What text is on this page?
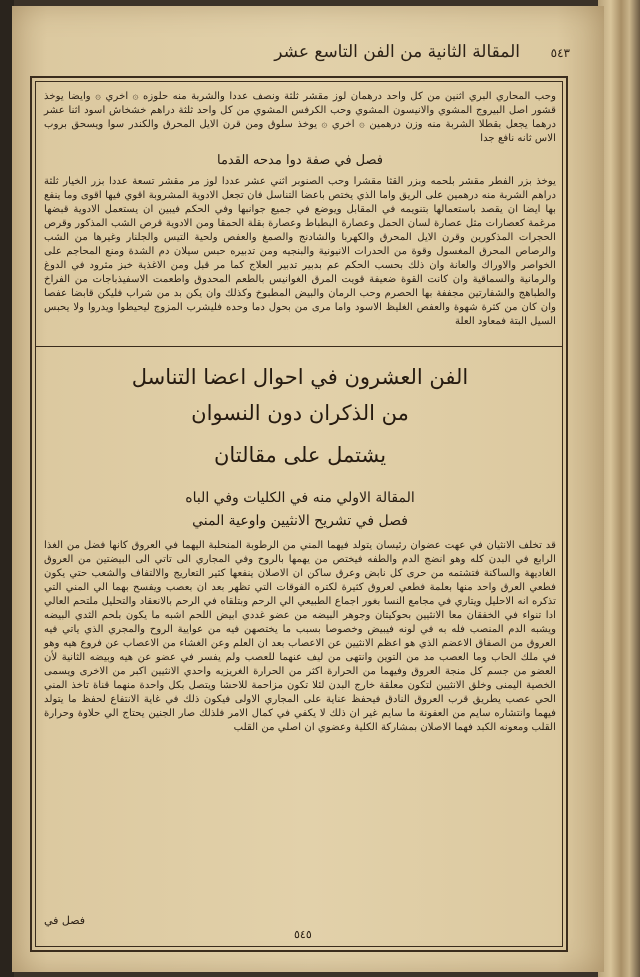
٥٤٣
المقالة الثانية من الفن التاسع عشر
وحب المحاري البري اثنين من كل واحد درهمان لوز مقشر ثلثة ونصف عددا والشربة منه حلوزه ۞ اخري ۞ وايضا يوخذ قشور اصل البيروج المشوي والانيسون المشوي وحب الكرفس المشوي من كل واحد ثلثة دراهم خشخاش اسود اثنا عشر درهما يجعل بقطلا الشربة منه وزن درهمين ۞ اخري ۞ يوخذ سلوق ومن قرن الايل المحرق والكندر سوا ويسحق بروب الاس ثانه نافع جدا
فصل في صفة دوا مدحه القدما
يوخذ بزر الفطر مقشر بلحمه وبزر القثا مقشرا وحب الصنوبر اثني عشر عددا لوز مر مقشر تسعة عددا بزر الخيار ثلثة دراهم الشربة منه درهمين على الريق واما الذي يختص باعضا التناسل فان تجعل الادوية المشروبة اقوي فيها اقوى وما ينفع بها ايضا ان يقصد باستعمالها بتنويمه في المقابل ويوضع في جميع جوانبها وفي الحكم فيبين ان يستعمل الادوية قبضها مرغمة كعصارات مثل عصارة لسان الحمل وعصارة البطباط وعصارة بقلة الحمقا ومن الادوية قرص الشب المذكور وقرص الحجرات المذكورين وقرن الايل المحرق والكهربا والشادنج والصمغ والعفص ولحية التيس والجلنار وغيرها من الشب والرصاص المحرق المغسول وقوة من الحدرات الانيونية والبنجيه ومن تدبيره حبس سيلان دم الشدة ومنع المحاجم على الخواصر والاوراك والعانة وان ذلك بحسب الحكم عم بدبير تدبير العلاج كما مر قبل ومن الاغذية خبز مثرود في الدوغ والرمانية والسماقية وان كانت القوة ضعيفة قويت المرق الغوانيس بالطعم المحدوق واطعمت الاسفيذباجات من الفراخ والطباهج والشفارتين مجففة بها الحصرم وحب الرمان والبيض المطبوخ وكذلك وان يكن بد من شراب فليكن قابضا عفصا وان كان من كثرة شهوة والعفص الغليظ الاسود واما مرى من بحول دما وحده فليشرب المزوج ليحيطوا ويدروا ولا يحبس السيل البتة فمعاود العلة
الفن العشرون في احوال اعضا التناسل
من الذكران دون النسوان
يشتمل على مقالتان
المقالة الاولي منه في الكليات وفي الباه
فصل في تشريح الانثيين واوعية المني
قد تخلف الانثيان في عهت عضوان رئيسان يتولد فيهما المني من الرطوبة المنحلبة اليهما في العروق كانها فضل من الغذا الرابع في البدن كله وهو انضج الدم والطفه فيختص من يهمها بالروح وفي المجاري الى تاتي الى البيضتين من العروق الغاديهة والساكنة فتشتمه من حرى كل نابض وعرق ساكن ان الاصلان ينفعها كثير التعاريج والالتفاف والشعب حتي يكون فطعي العرق واحد منها بعلمة فطعي لعروق كثيرة لكتره الفوقات التي تظهر بعد ان بعصب ويفسح بهما الي المني التي تذكره انه الاحليل ويتاري في مجامع النسا بغور اجماع الطبيعي الي الرحم وبتلقاه في الرحم بالانعقاد والتحليل ملتحم العالي ادا تنواء في الخفقان معا الانثيين بحوكيتان وجوهر البيضه من عضو غددي ابيض اللحم اشبه ما يكون بلحم الثدي البيضه ويشبه الدم المنصب فله به في لونه فيبيض وخصوصا بسبب ما يختصهن فيه من عوايية الروح والمجري الذي ياتي فيه العروق من الصفاق الاعضم الذي هو اعظم الانثيين عن الاعصاب بعد ان العلم وعن الغشاء من الاعصاب عن فروع هيه وهو في ملك الحاب وما العصب مد من التوين وانتهى من ليف عنهما للعصب ولم يفسر في عضو عن هيه وبيضه الثانية لأن العضو من جسم كل منجة العروق وفيهما من الحرارة اكثر من الحرارة الغريزيه واحدي الانثيين اكبر من الاخرى ويسمى الخصية اليمنى وخلق الانثيين لتكون معلقة خارج البدن لئلا تكون مزاحمة للاحشا ويتصل بكل واحدة منهما قناة تاخذ المني الحي عصب يطريق قرب العروق النادق فيحفظ عناية على المجاري الاولى فيكون ذلك في غاية الانتفاع لحفظ ما يتولد فيهما وانتشاره سايم من العفونة ما سايم غير ان ذلك لا يكفي في كمال الامر فلذلك صار الجنين يحتاج الي حلاوة وحرارة القلب ومعونه الكبد فهما الاصلان بمشاركة الكلية وعضوي ان اصلي من القلب
فصل في
٥٤٥
